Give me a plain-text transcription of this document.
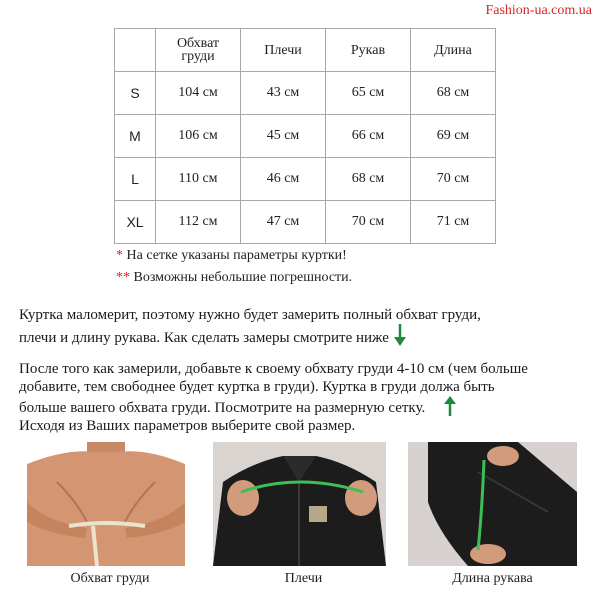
Fashion-ua.com.ua
	Обхват груди	Плечи	Рукав	Длина
S	104 см	43 см	65 см	68 см
M	106 см	45 см	66 см	69 см
L	110 см	46 см	68 см	70 см
XL	112 см	47 см	70 см	71 см
* На сетке указаны параметры куртки!
** Возможны небольшие погрешности.
Куртка маломерит, поэтому нужно будет замерить полный обхват груди,
плечи и длину рукава. Как сделать замеры смотрите ниже
После того как замерили, добавьте к своему обхвату груди 4-10 см (чем больше
добавите, тем свободнее будет куртка в груди). Куртка в груди должа быть
больше вашего обхвата груди. Посмотрите на размерную сетку.
Исходя из Ваших параметров выберите свой размер.
Обхват груди	Плечи	Длина рукава
